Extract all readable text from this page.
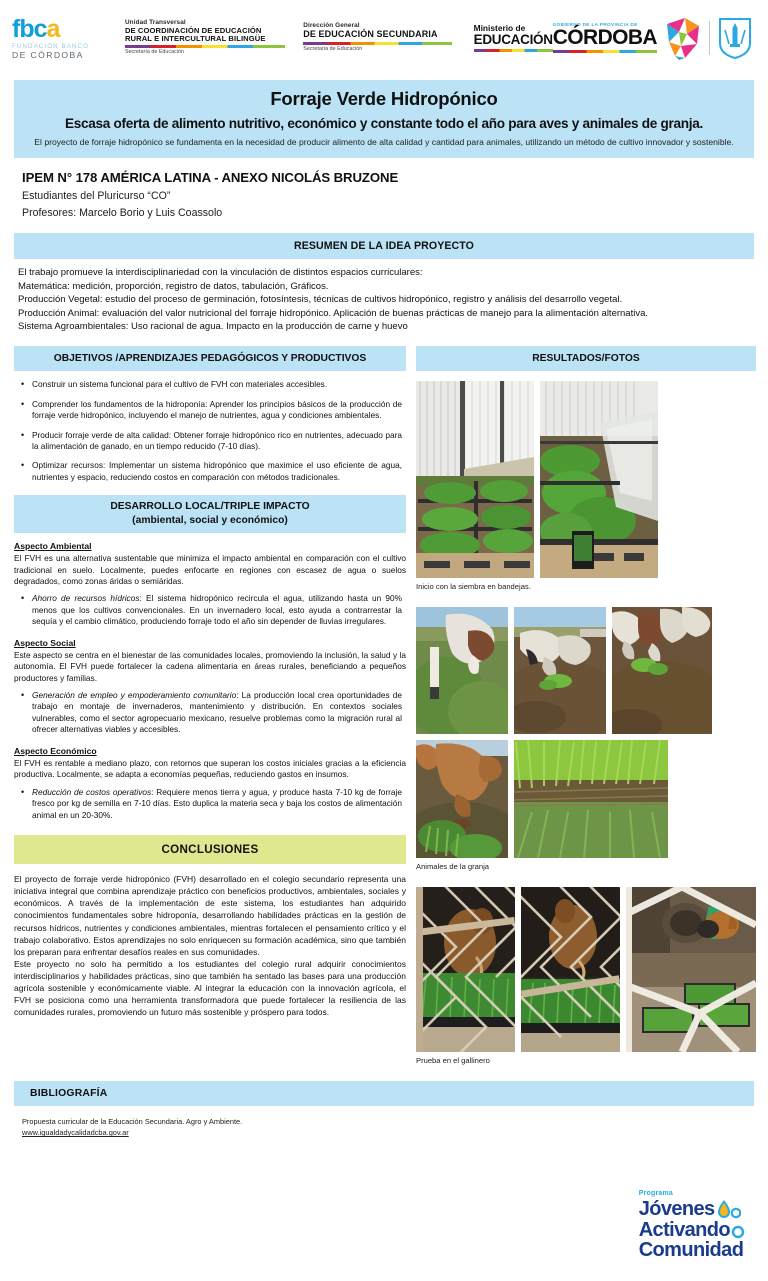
f b c a
FUNDACIÓN BANCO
DE CÓRDOBA
Unidad Transversal
DE COORDINACIÓN DE EDUCACIÓN RURAL E INTERCULTURAL BILINGÜE
Secretaría de Educación
Dirección General
DE EDUCACIÓN SECUNDARIA
Secretaría de Educación
Ministerio de
EDUCACIÓN
GOBIERNO DE LA PROVINCIA DE
CÓRDOBA
Forraje Verde Hidropónico
Escasa oferta de alimento nutritivo, económico y constante todo el año para aves y animales de granja.
El proyecto de forraje hidropónico se fundamenta en la necesidad de producir alimento de alta calidad y cantidad para animales, utilizando un método de cultivo innovador y sostenible.
IPEM N° 178 AMÉRICA LATINA - ANEXO NICOLÁS BRUZONE
Estudiantes del Pluricurso “CO”
Profesores: Marcelo Borio y Luis Coassolo
RESUMEN DE LA IDEA PROYECTO
El trabajo promueve la interdisciplinariedad con la vinculación de distintos espacios curriculares:
Matemática: medición, proporción, registro de datos, tabulación, Gráficos.
Producción Vegetal: estudio del proceso de germinación, fotosíntesis, técnicas de cultivos hidropónico, registro y análisis del desarrollo vegetal.
Producción Animal: evaluación del valor nutricional del forraje hidropónico. Aplicación de buenas prácticas de manejo para la alimentación alternativa.
Sistema Agroambientales: Uso racional de agua. Impacto en la producción de carne y huevo
OBJETIVOS /APRENDIZAJES PEDAGÓGICOS Y PRODUCTIVOS
• Construir un sistema funcional para el cultivo de FVH con materiales accesibles.
• Comprender los fundamentos de la hidroponía: Aprender los principios básicos de la producción de forraje verde hidropónico, incluyendo el manejo de nutrientes, agua y condiciones ambientales.
• Producir forraje verde de alta calidad: Obtener forraje hidropónico rico en nutrientes, adecuado para la alimentación de ganado, en un tiempo reducido (7-10 días).
• Optimizar recursos: Implementar un sistema hidropónico que maximice el uso eficiente de agua, nutrientes y espacio, reduciendo costos en comparación con métodos tradicionales.
DESARROLLO LOCAL/TRIPLE IMPACTO
(ambiental, social y económico)
Aspecto Ambiental
El FVH es una alternativa sustentable que minimiza el impacto ambiental en comparación con el cultivo tradicional en suelo. Localmente, puedes enfocarte en regiones con escasez de agua o suelos degradados, como zonas áridas o semiáridas.
• Ahorro de recursos hídricos: El sistema hidropónico recircula el agua, utilizando hasta un 90% menos que los cultivos convencionales. En un invernadero local, esto ayuda a contrarrestar la sequía y el cambio climático, produciendo forraje todo el año sin depender de lluvias irregulares.
Aspecto Social
Este aspecto se centra en el bienestar de las comunidades locales, promoviendo la inclusión, la salud y la autonomía. El FVH puede fortalecer la cadena alimentaria en áreas rurales, beneficiando a pequeños productores y familias.
• Generación de empleo y empoderamiento comunitario: La producción local crea oportunidades de trabajo en montaje de invernaderos, mantenimiento y distribución. En contextos sociales vulnerables, como el sector agropecuario mexicano, resuelve problemas como la migración rural al ofrecer alternativas viables y accesibles.
Aspecto Económico
El FVH es rentable a mediano plazo, con retornos que superan los costos iniciales gracias a la eficiencia productiva. Localmente, se adapta a economías pequeñas, reduciendo gastos en insumos.
• Reducción de costos operativos: Requiere menos tierra y agua, y produce hasta 7-10 kg de forraje fresco por kg de semilla en 7-10 días. Esto duplica la materia seca y baja los costos de alimentación animal en un 20-30%.
CONCLUSIONES

El proyecto de forraje verde hidropónico (FVH) desarrollado en el colegio secundario representa una iniciativa integral que combina aprendizaje práctico con beneficios productivos, ambientales, sociales y económicos. A través de la implementación de este sistema, los estudiantes han adquirido conocimientos fundamentales sobre hidroponía, desarrollando habilidades prácticas en la gestión de recursos hídricos, nutrientes y condiciones ambientales, mientras fortalecen el pensamiento crítico y el trabajo colaborativo. Estos aprendizajes no solo enriquecen su formación académica, sino que también los preparan para enfrentar desafíos reales en sus comunidades.

Este proyecto no solo ha permitido a los estudiantes del colegio rural adquirir conocimientos interdisciplinarios y habilidades prácticas, sino que también ha sentado las bases para una producción agrícola sostenible y económicamente viable. Al integrar la educación con la innovación agrícola, el FVH se posiciona como una herramienta transformadora que puede fortalecer la resiliencia de las comunidades rurales, promoviendo un futuro más sostenible y próspero para todos.

RESULTADOS/FOTOS
Inicio con la siembra en bandejas.
Animales de la granja
Prueba en el gallinero
BIBLIOGRAFÍA
Propuesta curricular de la Educación Secundaria. Agro y Ambiente.
www.igualdadycalidadcba.gov.ar
Programa
Jóvenes
Activando
Comunidad
